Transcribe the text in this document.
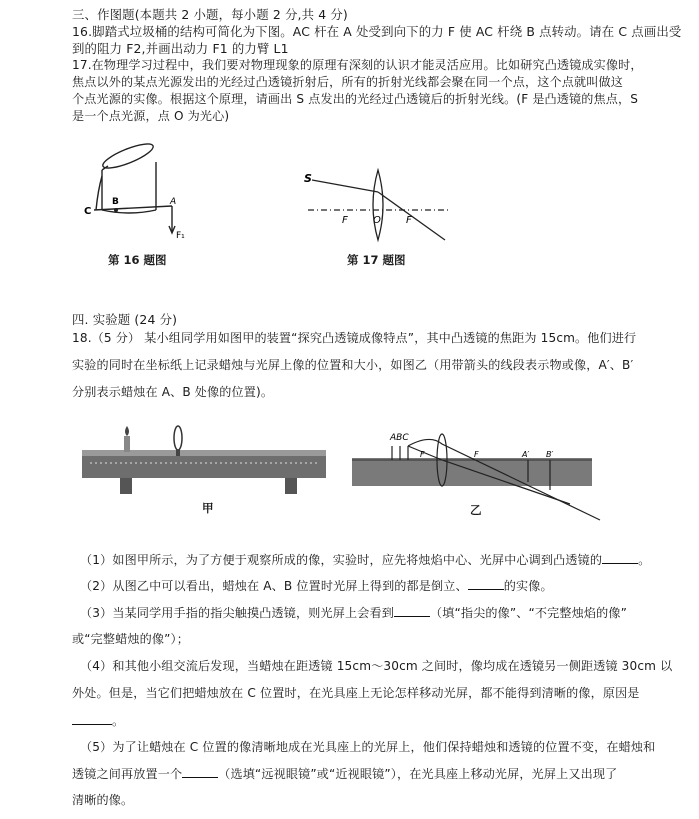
三、作图题(本题共 2 小题，每小题 2 分,共 4 分)
16.脚踏式垃圾桶的结构可简化为下图。AC 杆在 A 处受到向下的力 F 使 AC 杆绕 B 点转动。请在 C 点画出受
到的阻力 F2,并画出动力 F1 的力臂 L1
17.在物理学习过程中，我们要对物理现象的原理有深刻的认识才能灵活应用。比如研究凸透镜成实像时，
焦点以外的某点光源发出的光经过凸透镜折射后，所有的折射光线都会聚在同一个点，这个点就叫做这
个点光源的实像。根据这个原理，请画出 S 点发出的光经过凸透镜后的折射光线。(F 是凸透镜的焦点，S
是一个点光源，点 O 为光心)
C
B	A
F₁
第 16 题图
S
F	O	F
第 17 题图
四. 实验题 (24 分)
18.（5 分） 某小组同学用如图甲的装置“探究凸透镜成像特点”，其中凸透镜的焦距为 15cm。他们进行
实验的同时在坐标纸上记录蜡烛与光屏上像的位置和大小，如图乙（用带箭头的线段表示物或像，A′、B′
分别表示蜡烛在 A、B 处像的位置)。
甲
ABC
F	F	A′ B′
乙
（1）如图甲所示，为了方便于观察所成的像，实验时，应先将烛焰中心、光屏中心调到凸透镜的	。
（2）从图乙中可以看出，蜡烛在 A、B 位置时光屏上得到的都是倒立、	的实像。
（3）当某同学用手指的指尖触摸凸透镜，则光屏上会看到	（填“指尖的像”、“不完整烛焰的像”
或“完整蜡烛的像”）；
（4）和其他小组交流后发现，当蜡烛在距透镜 15cm～30cm 之间时，像均成在透镜另一侧距透镜 30cm 以
外处。但是，当它们把蜡烛放在 C 位置时，在光具座上无论怎样移动光屏，都不能得到清晰的像，原因是
。
（5）为了让蜡烛在 C 位置的像清晰地成在光具座上的光屏上，他们保持蜡烛和透镜的位置不变，在蜡烛和
透镜之间再放置一个	（选填“远视眼镜”或“近视眼镜”），在光具座上移动光屏，光屏上又出现了
清晰的像。
